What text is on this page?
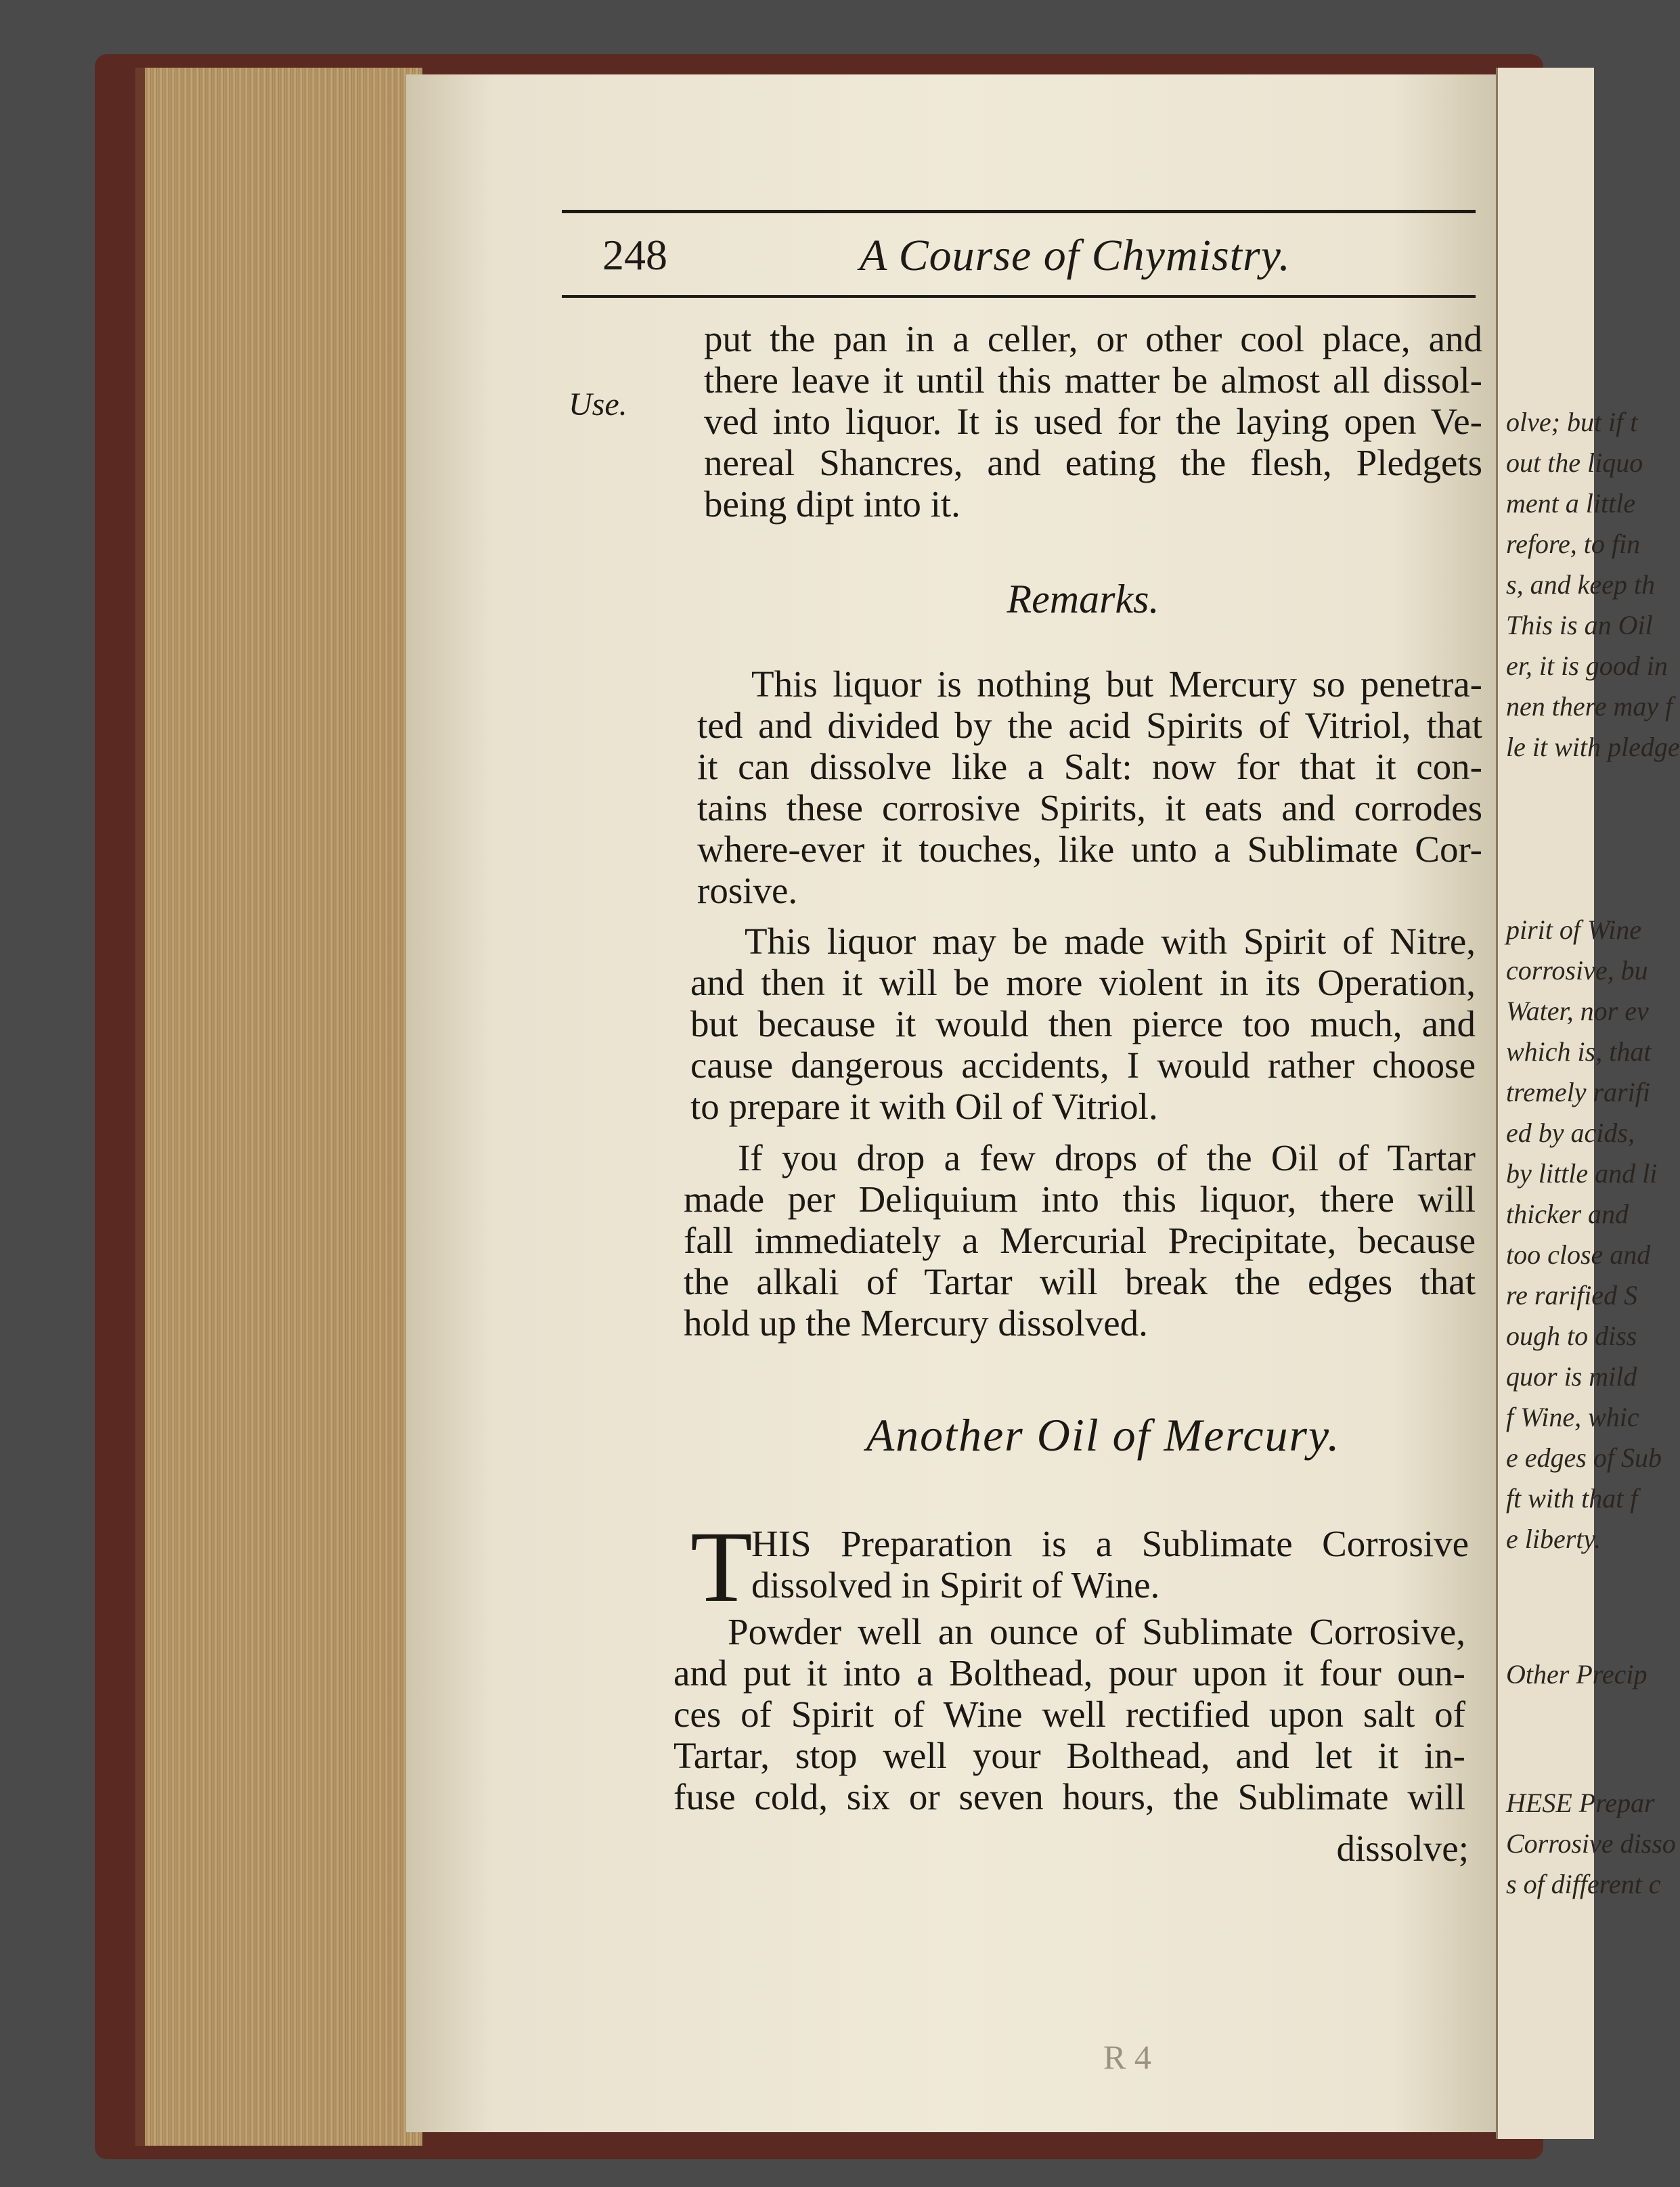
olve; but if t
out the liquo
ment a little
refore, to fin
s, and keep th
This is an Oil
er, it is good in
nen there may f
le it with pledge
pirit of Wine
corrosive, bu
Water, nor ev
which is, that
tremely rarifi
ed by acids,
by little and li
thicker and
too close and
re rarified S
ough to diss
quor is mild
f Wine, whic
e edges of Sub
ft with that f
e liberty.
Other Precip
HESE Prepar
Corrosive disso
s of different c
248	A Course of Chymistry.
Use.
put the pan in a celler, or other cool place, and
there leave it until this matter be almost all dissol-
ved into liquor. It is used for the laying open Ve-
nereal Shancres, and eating the flesh, Pledgets
being dipt into it.
Remarks.
This liquor is nothing but Mercury so penetra-
ted and divided by the acid Spirits of Vitriol, that
it can dissolve like a Salt: now for that it con-
tains these corrosive Spirits, it eats and corrodes
where-ever it touches, like unto a Sublimate Cor-
rosive.
This liquor may be made with Spirit of Nitre,
and then it will be more violent in its Operation,
but because it would then pierce too much, and
cause dangerous accidents, I would rather choose
to prepare it with Oil of Vitriol.
If you drop a few drops of the Oil of Tartar
made per Deliquium into this liquor, there will
fall immediately a Mercurial Precipitate, because
the alkali of Tartar will break the edges that
hold up the Mercury dissolved.
Another Oil of Mercury.
T
HIS Preparation is a Sublimate Corrosive
dissolved in Spirit of Wine.
Powder well an ounce of Sublimate Corrosive,
and put it into a Bolthead, pour upon it four oun-
ces of Spirit of Wine well rectified upon salt of
Tartar, stop well your Bolthead, and let it in-
fuse cold, six or seven hours, the Sublimate will
dissolve;
R 4
